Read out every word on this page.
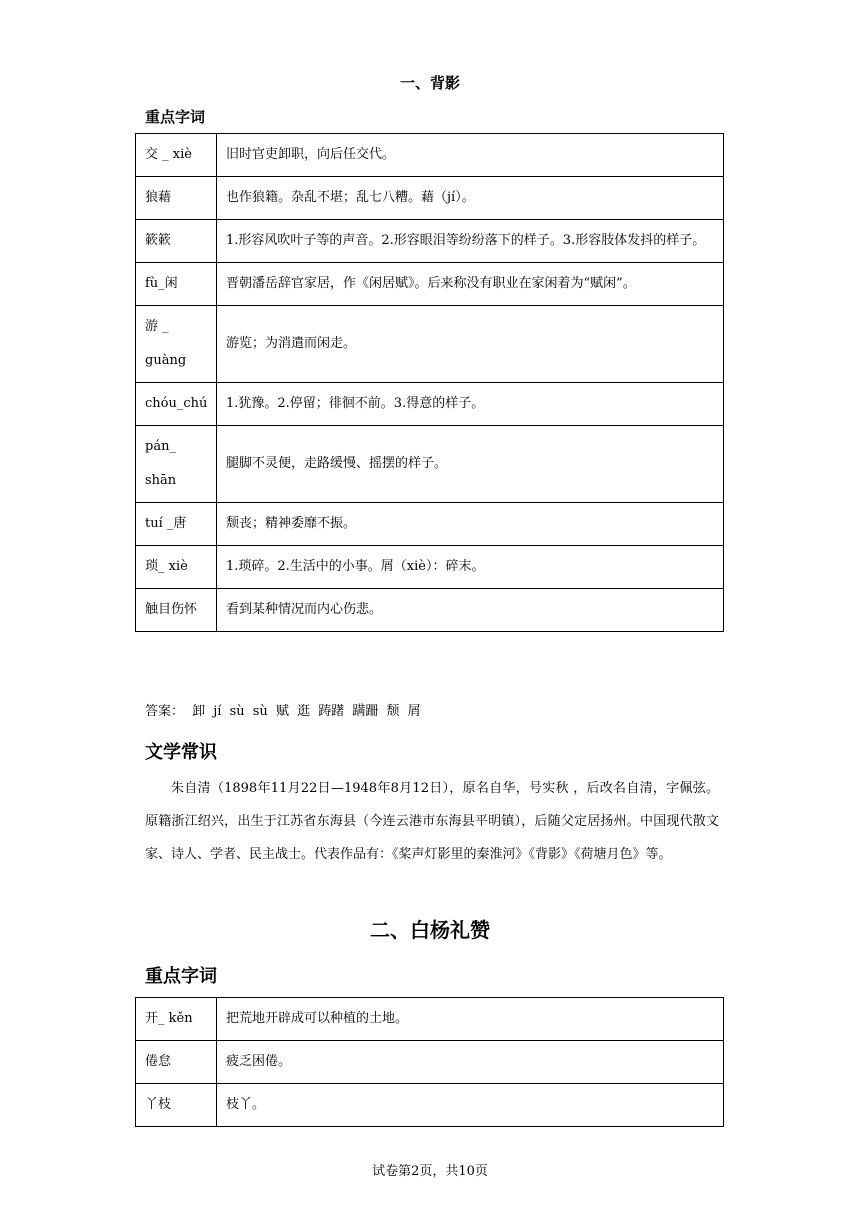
一、背影
重点字词
交 _ xiè	旧时官吏卸职，向后任交代。
狼藉	也作狼籍。杂乱不堪；乱七八糟。藉（jí）。
簌簌	1.形容风吹叶子等的声音。2.形容眼泪等纷纷落下的样子。3.形容肢体发抖的样子。
fù_闲	晋朝潘岳辞官家居，作《闲居赋》。后来称没有职业在家闲着为“赋闲”。
游 _ guàng	游览；为消遣而闲走。
chóu_chú	1.犹豫。2.停留；徘徊不前。3.得意的样子。
pán_ shān	腿脚不灵便，走路缓慢、摇摆的样子。
tuí _唐	颓丧；精神委靡不振。
琐_ xiè	1.琐碎。2.生活中的小事。屑（xiè）：碎末。
触目伤怀	看到某种情况而内心伤悲。
答案： 卸 jí sù sù 赋 逛 踌躇 蹒跚 颓 屑
文学常识
朱自清（1898年11月22日—1948年8月12日），原名自华，号实秋 ，后改名自清，字佩弦。原籍浙江绍兴，出生于江苏省东海县（今连云港市东海县平明镇），后随父定居扬州。中国现代散文家、诗人、学者、民主战士。代表作品有：《桨声灯影里的秦淮河》《背影》《荷塘月色》等。
二、白杨礼赞
重点字词
开_ kěn	把荒地开辟成可以种植的土地。
倦怠	疲乏困倦。
丫枝	枝丫。
试卷第2页，共10页
